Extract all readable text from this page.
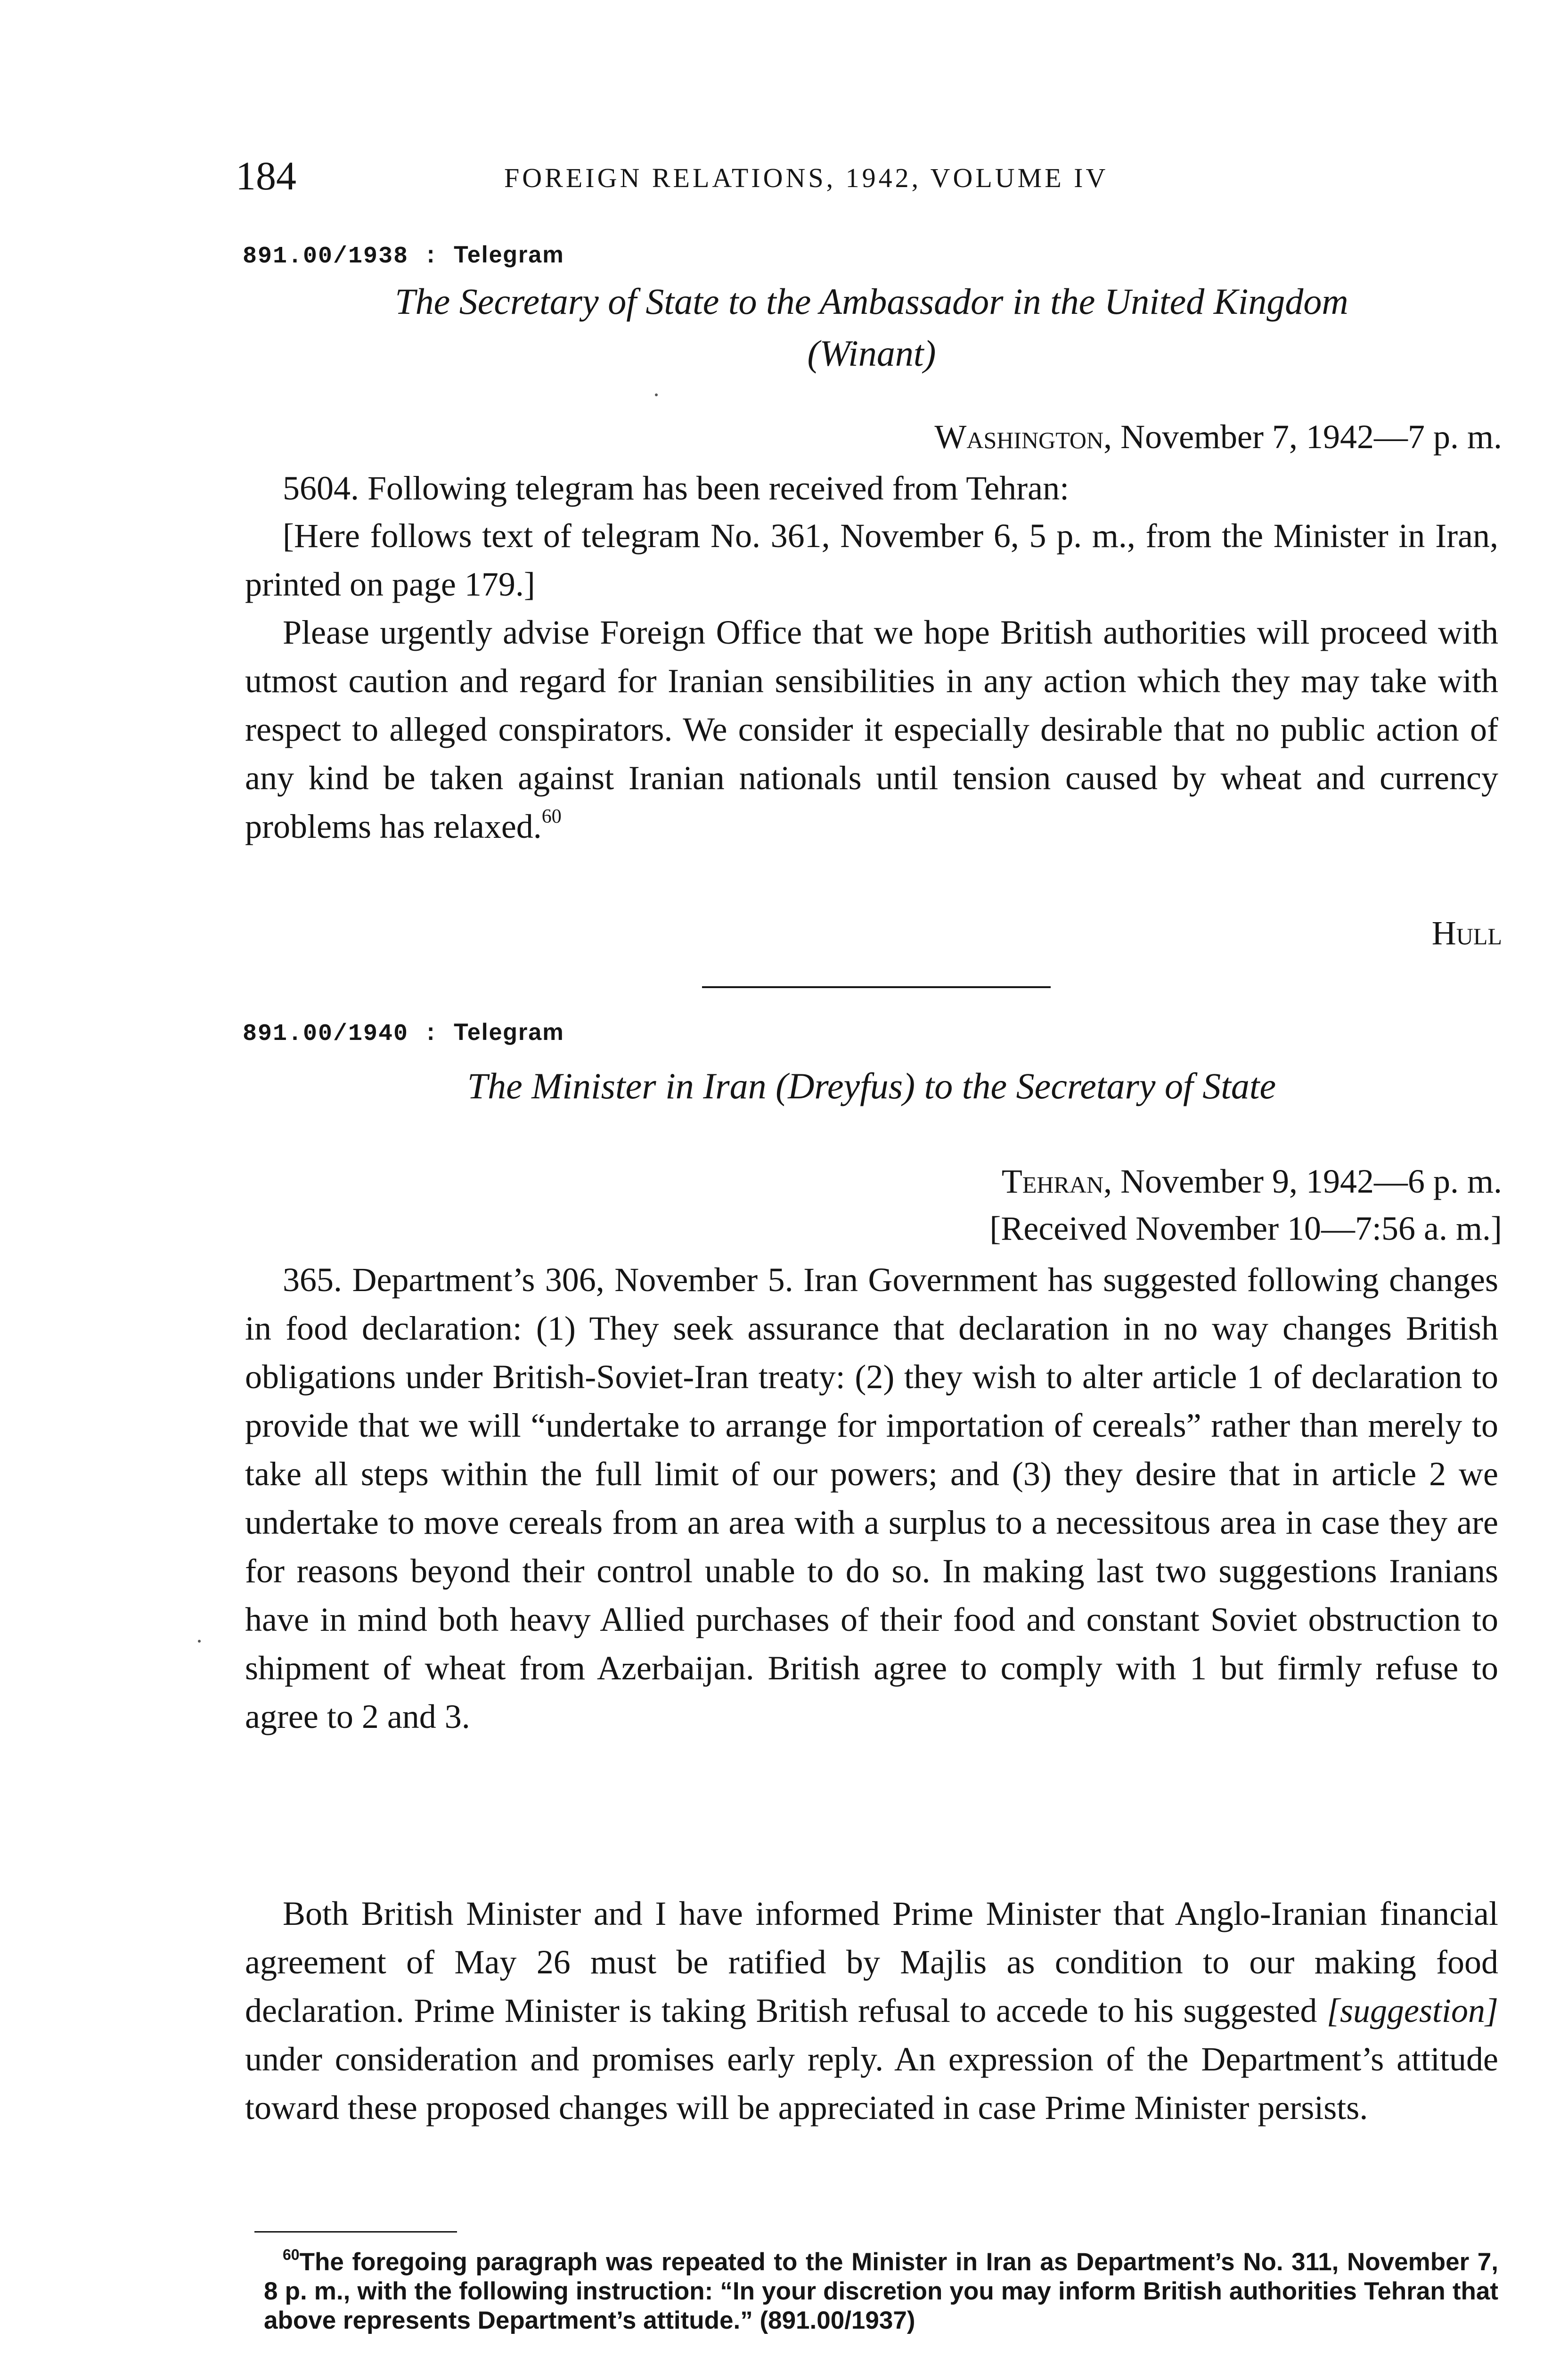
184	FOREIGN RELATIONS, 1942, VOLUME IV
891.00/1938 : Telegram
The Secretary of State to the Ambassador in the United Kingdom
(Winant)
Washington, November 7, 1942—7 p. m.

5604. Following telegram has been received from Tehran:

[Here follows text of telegram No. 361, November 6, 5 p. m., from the Minister in Iran, printed on page 179.]

Please urgently advise Foreign Office that we hope British authorities will proceed with utmost caution and regard for Iranian sensibilities in any action which they may take with respect to alleged conspirators. We consider it especially desirable that no public action of any kind be taken against Iranian nationals until tension caused by wheat and currency problems has relaxed.$^{60}$

Hull
891.00/1940 : Telegram
The Minister in Iran (Dreyfus) to the Secretary of State
Tehran, November 9, 1942—6 p. m.
[Received November 10—7:56 a. m.]

365. Department’s 306, November 5. Iran Government has suggested following changes in food declaration: (1) They seek assurance that declaration in no way changes British obligations under British-Soviet-Iran treaty: (2) they wish to alter article 1 of declaration to provide that we will “undertake to arrange for importation of cereals” rather than merely to take all steps within the full limit of our powers; and (3) they desire that in article 2 we undertake to move cereals from an area with a surplus to a necessitous area in case they are for reasons beyond their control unable to do so. In making last two suggestions Iranians have in mind both heavy Allied purchases of their food and constant Soviet obstruction to shipment of wheat from Azerbaijan. British agree to comply with 1 but firmly refuse to agree to 2 and 3.

Both British Minister and I have informed Prime Minister that Anglo-Iranian financial agreement of May 26 must be ratified by Majlis as condition to our making food declaration. Prime Minister is taking British refusal to accede to his suggested [suggestion] under consideration and promises early reply. An expression of the Department’s attitude toward these proposed changes will be appreciated in case Prime Minister persists.

$^{60}$The foregoing paragraph was repeated to the Minister in Iran as Department’s No. 311, November 7, 8 p. m., with the following instruction: “In your discretion you may inform British authorities Tehran that above represents Department’s attitude.” (891.00/1937)
